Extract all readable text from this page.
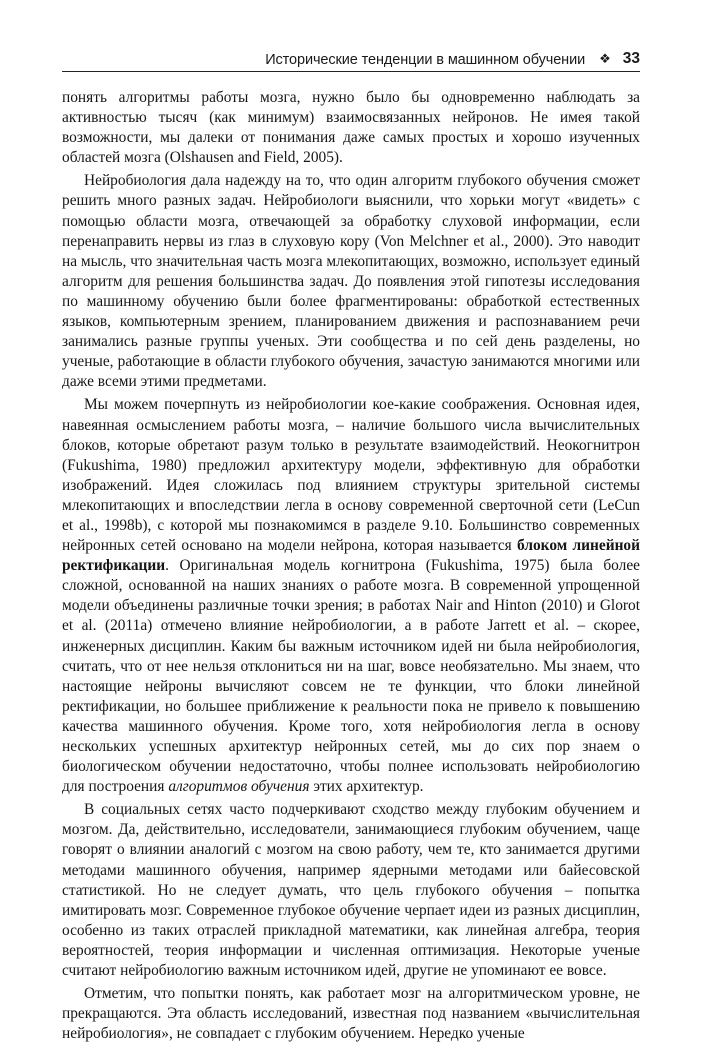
Исторические тенденции в машинном обучении ❖ 33

понять алгоритмы работы мозга, нужно было бы одновременно наблюдать за активностью тысяч (как минимум) взаимосвязанных нейронов. Не имея такой возможности, мы далеки от понимания даже самых простых и хорошо изученных областей мозга (Olshausen and Field, 2005).

Нейробиология дала надежду на то, что один алгоритм глубокого обучения сможет решить много разных задач. Нейробиологи выяснили, что хорьки могут «видеть» с помощью области мозга, отвечающей за обработку слуховой информации, если перенаправить нервы из глаз в слуховую кору (Von Melchner et al., 2000). Это наводит на мысль, что значительная часть мозга млекопитающих, возможно, использует единый алгоритм для решения большинства задач. До появления этой гипотезы исследования по машинному обучению были более фрагментированы: обработкой естественных языков, компьютерным зрением, планированием движения и распознаванием речи занимались разные группы ученых. Эти сообщества и по сей день разделены, но ученые, работающие в области глубокого обучения, зачастую занимаются многими или даже всеми этими предметами.

Мы можем почерпнуть из нейробиологии кое-какие соображения. Основная идея, навеянная осмыслением работы мозга, – наличие большого числа вычислительных блоков, которые обретают разум только в результате взаимодействий. Неокогнитрон (Fukushima, 1980) предложил архитектуру модели, эффективную для обработки изображений. Идея сложилась под влиянием структуры зрительной системы млекопитающих и впоследствии легла в основу современной сверточной сети (LeCun et al., 1998b), с которой мы познакомимся в разделе 9.10. Большинство современных нейронных сетей основано на модели нейрона, которая называется блоком линейной ректификации. Оригинальная модель когнитрона (Fukushima, 1975) была более сложной, основанной на наших знаниях о работе мозга. В современной упрощенной модели объединены различные точки зрения; в работах Nair and Hinton (2010) и Glorot et al. (2011a) отмечено влияние нейробиологии, а в работе Jarrett et al. – скорее, инженерных дисциплин. Каким бы важным источником идей ни была нейробиология, считать, что от нее нельзя отклониться ни на шаг, вовсе необязательно. Мы знаем, что настоящие нейроны вычисляют совсем не те функции, что блоки линейной ректификации, но большее приближение к реальности пока не привело к повышению качества машинного обучения. Кроме того, хотя нейробиология легла в основу нескольких успешных архитектур нейронных сетей, мы до сих пор знаем о биологическом обучении недостаточно, чтобы полнее использовать нейробиологию для построения алгоритмов обучения этих архитектур.

В социальных сетях часто подчеркивают сходство между глубоким обучением и мозгом. Да, действительно, исследователи, занимающиеся глубоким обучением, чаще говорят о влиянии аналогий с мозгом на свою работу, чем те, кто занимается другими методами машинного обучения, например ядерными методами или байесовской статистикой. Но не следует думать, что цель глубокого обучения – попытка имитировать мозг. Современное глубокое обучение черпает идеи из разных дисциплин, особенно из таких отраслей прикладной математики, как линейная алгебра, теория вероятностей, теория информации и численная оптимизация. Некоторые ученые считают нейробиологию важным источником идей, другие не упоминают ее вовсе.

Отметим, что попытки понять, как работает мозг на алгоритмическом уровне, не прекращаются. Эта область исследований, известная под названием «вычислительная нейробиология», не совпадает с глубоким обучением. Нередко ученые
